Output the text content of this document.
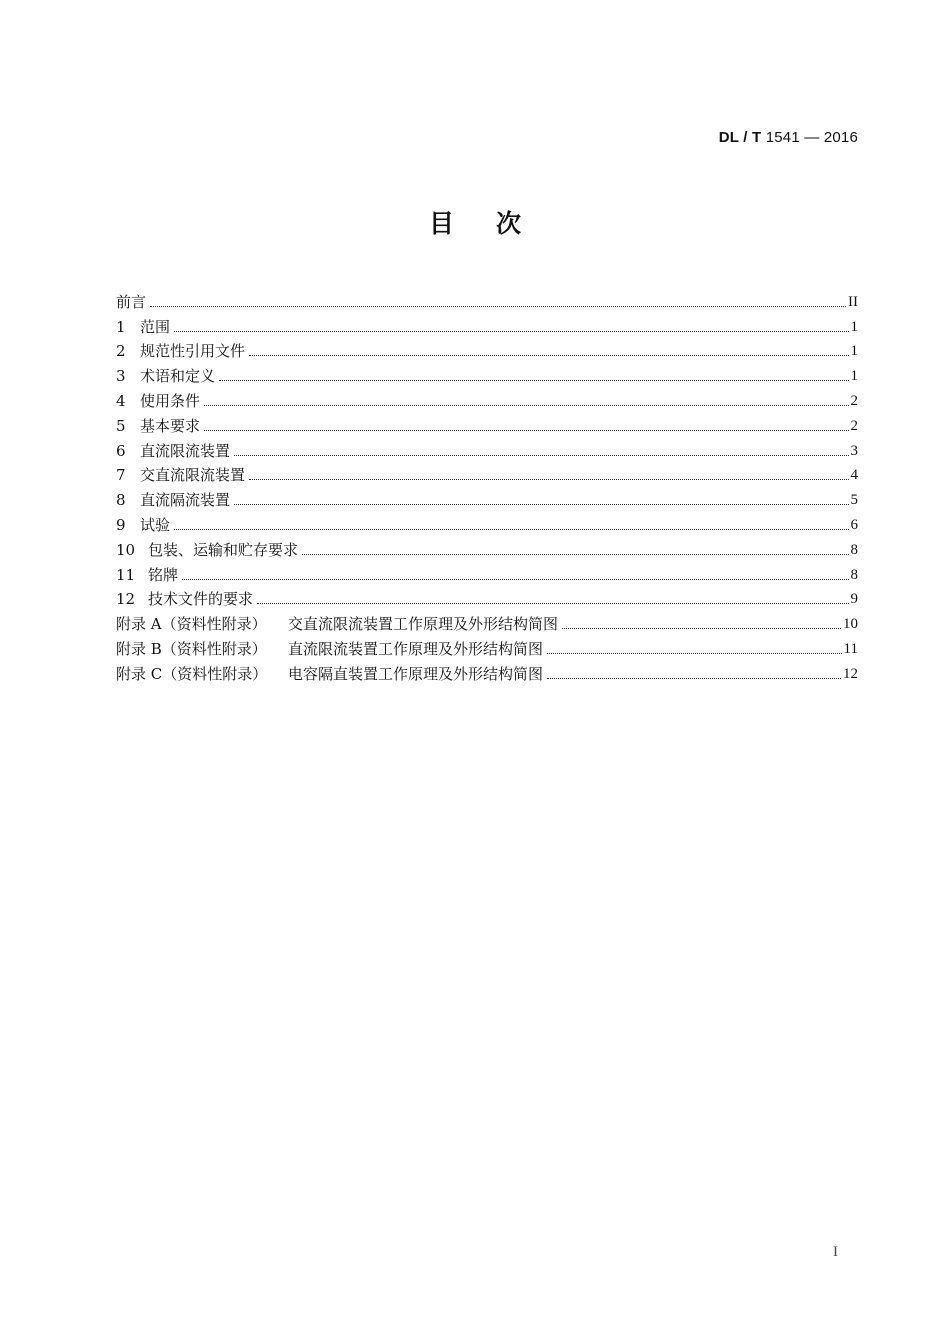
DL / T 1541 — 2016
目次
前言	II
1 范围	1
2 规范性引用文件	1
3 术语和定义	1
4 使用条件	2
5 基本要求	2
6 直流限流装置	3
7 交直流限流装置	4
8 直流隔流装置	5
9 试验	6
10 包装、运输和贮存要求	8
11 铭牌	8
12 技术文件的要求	9
附录 A（资料性附录）	交直流限流装置工作原理及外形结构简图	10
附录 B（资料性附录）	直流限流装置工作原理及外形结构简图	11
附录 C（资料性附录）	电容隔直装置工作原理及外形结构简图	12
I
